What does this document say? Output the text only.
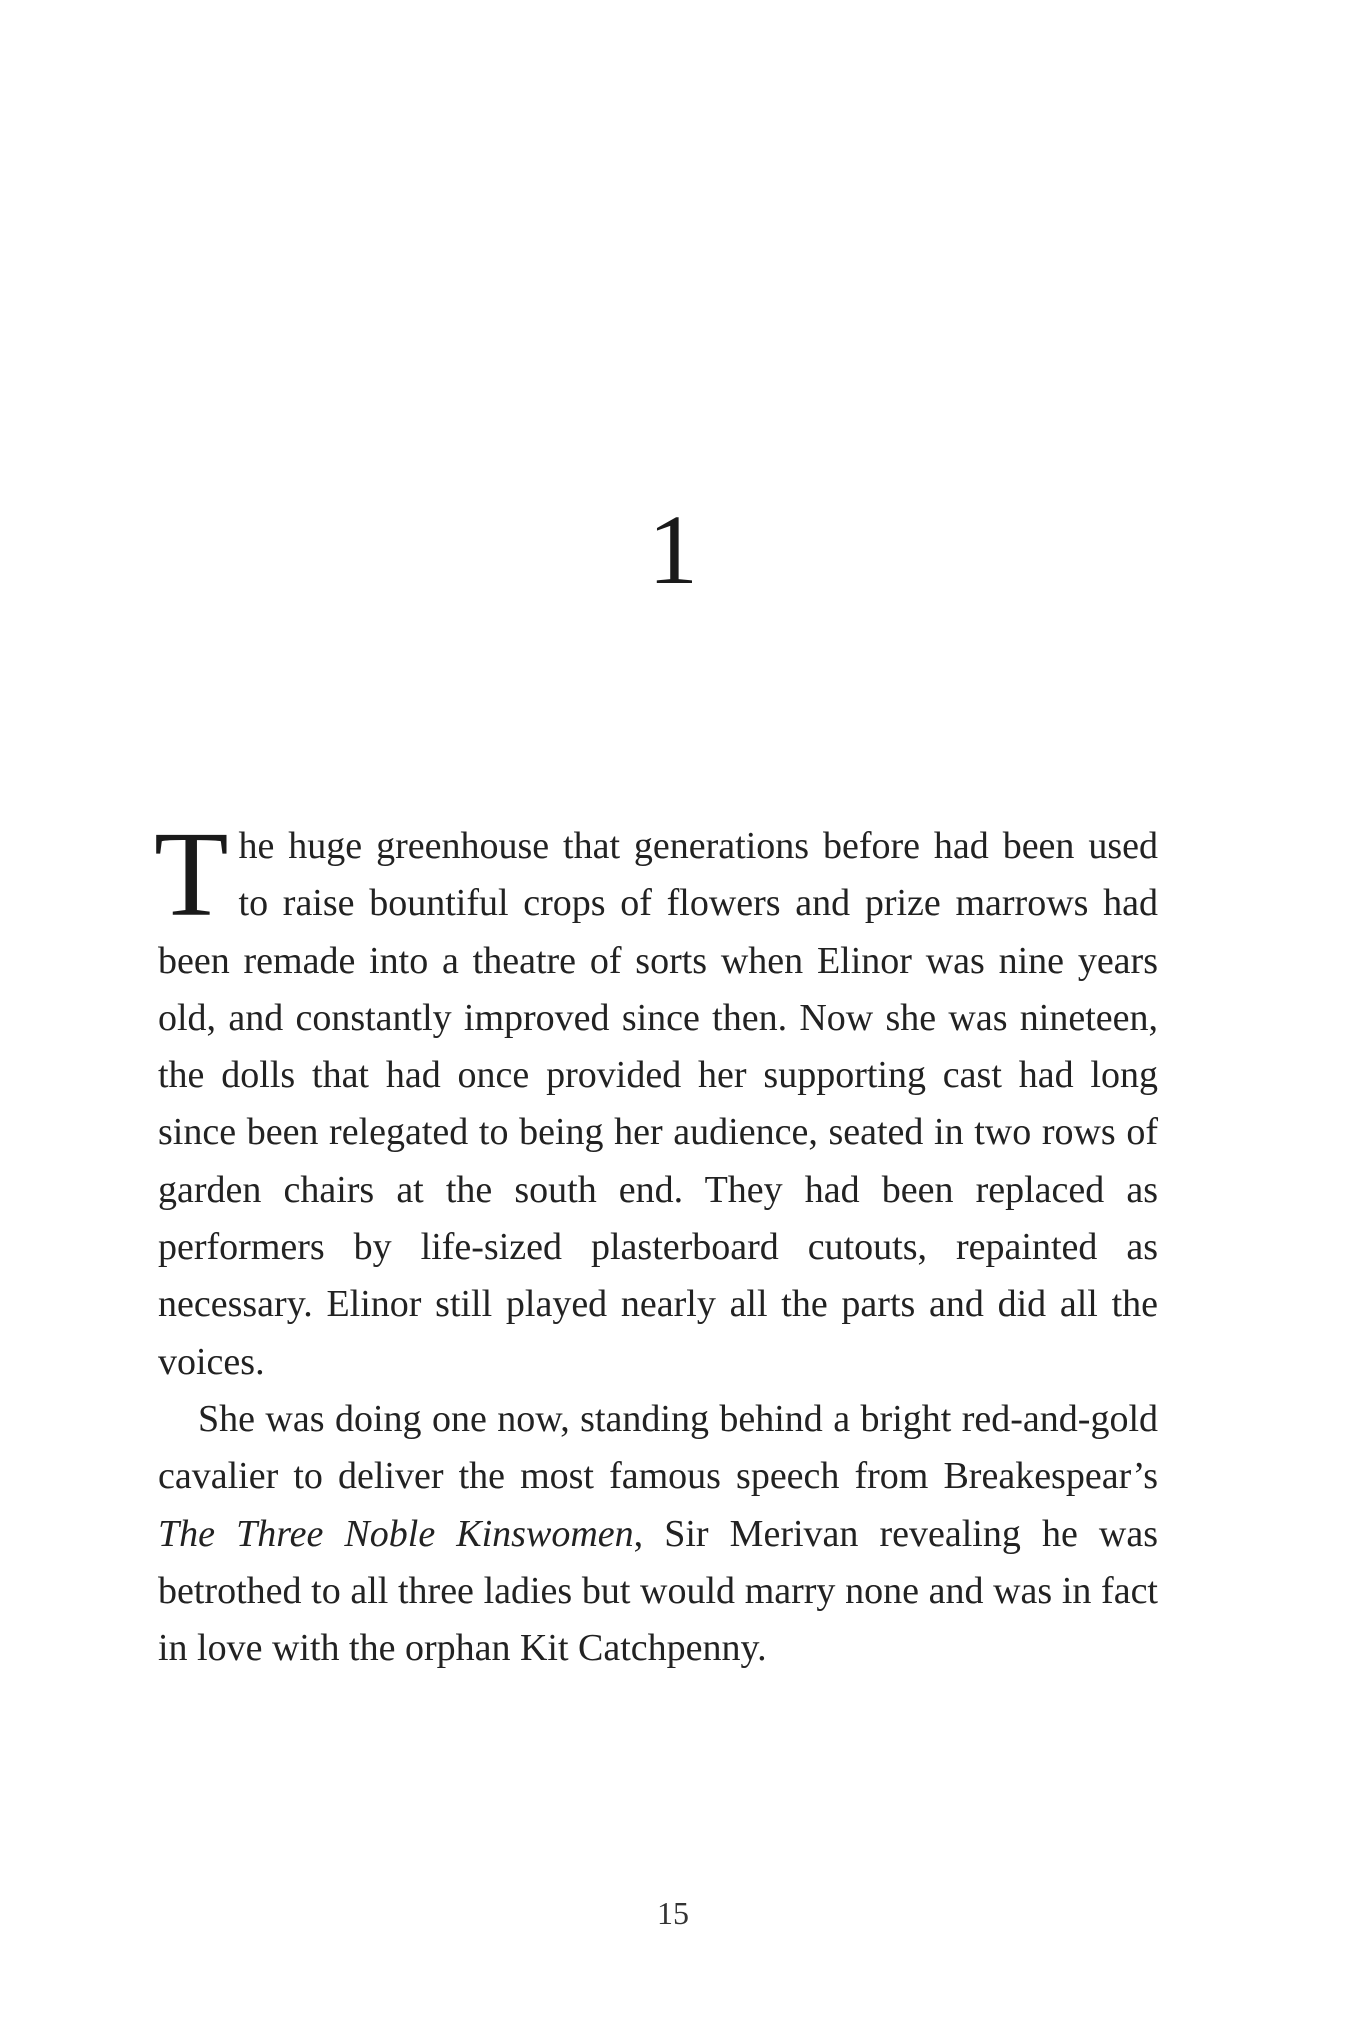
1

The huge greenhouse that generations before had been used to raise bountiful crops of flowers and prize marrows had been remade into a theatre of sorts when Elinor was nine years old, and constantly improved since then. Now she was nineteen, the dolls that had once provided her supporting cast had long since been relegated to being her audience, seated in two rows of garden chairs at the south end. They had been replaced as performers by life-sized plasterboard cutouts, repainted as necessary. Elinor still played nearly all the parts and did all the voices.

She was doing one now, standing behind a bright red-and-gold cavalier to deliver the most famous speech from Breakespear’s The Three Noble Kinswomen, Sir Merivan revealing he was betrothed to all three ladies but would marry none and was in fact in love with the orphan Kit Catchpenny.

15
